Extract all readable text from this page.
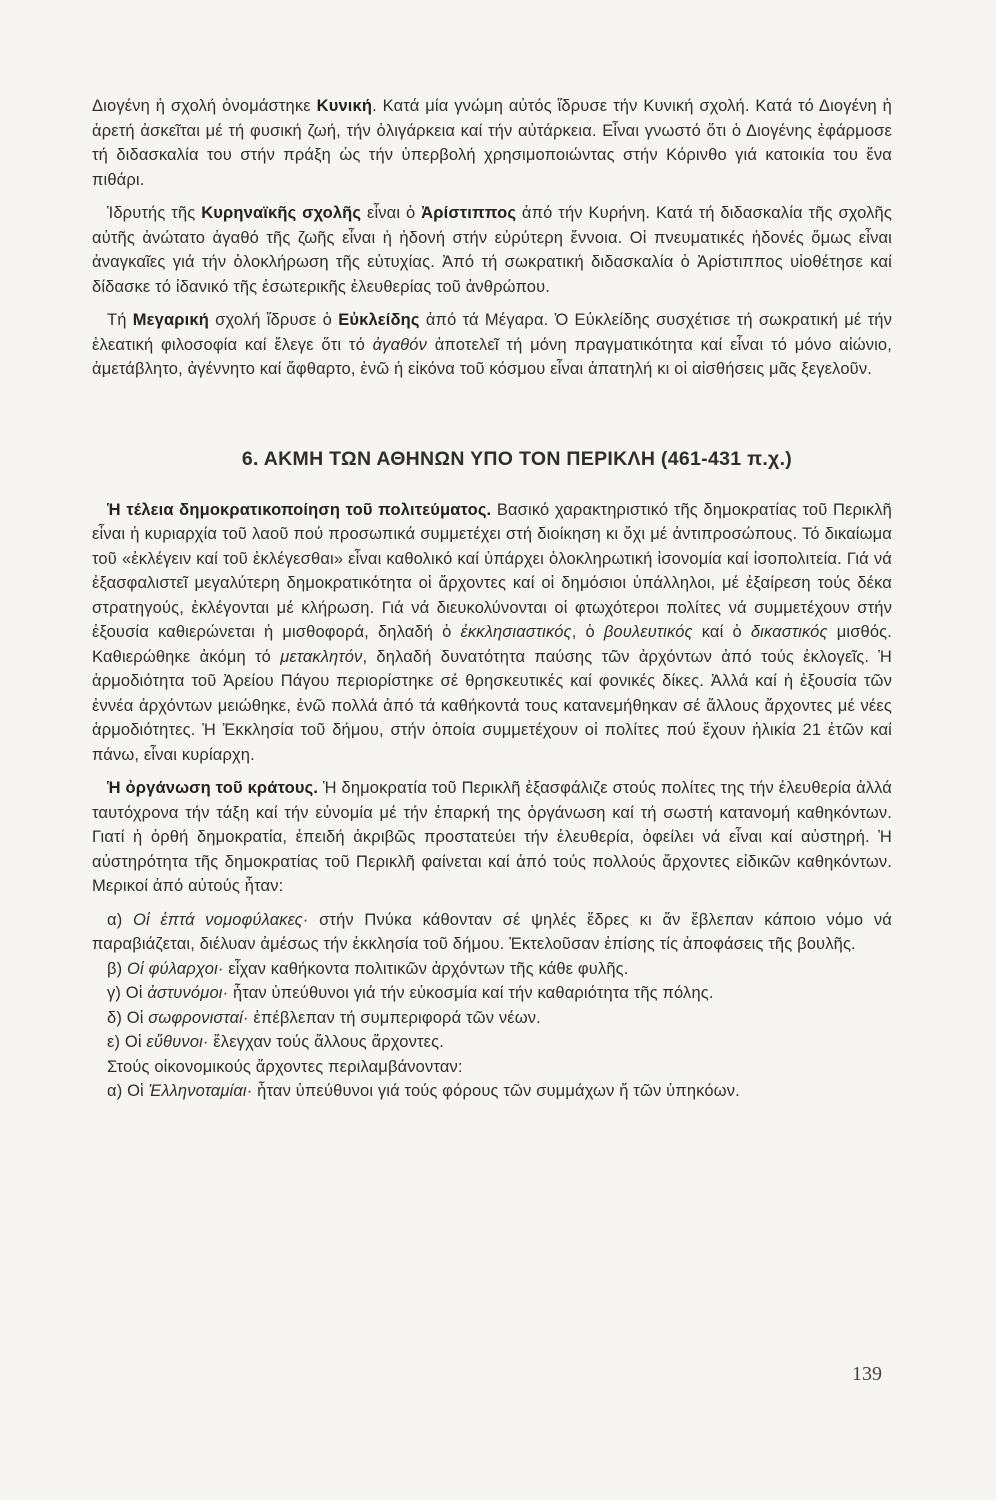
Διογένη ἡ σχολή ὀνομάστηκε Κυνική. Κατά μία γνώμη αὐτός ἵδρυσε τήν Κυνική σχολή. Κατά τό Διογένη ἡ ἀρετή ἀσκεῖται μέ τή φυσική ζωή, τήν ὀλιγάρκεια καί τήν αὐτάρκεια. Εἶναι γνωστό ὅτι ὁ Διογένης ἐφάρμοσε τή διδασκαλία του στήν πράξη ὡς τήν ὑπερβολή χρησιμοποιώντας στήν Κόρινθο γιά κατοικία του ἕνα πιθάρι.

Ἱδρυτής τῆς Κυρηναϊκῆς σχολῆς εἶναι ὁ Ἀρίστιππος ἀπό τήν Κυρήνη. Κατά τή διδασκαλία τῆς σχολῆς αὐτῆς ἀνώτατο ἀγαθό τῆς ζωῆς εἶναι ἡ ἡδονή στήν εὐρύτερη ἔννοια. Οἱ πνευματικές ἡδονές ὅμως εἶναι ἀναγκαῖες γιά τήν ὁλοκλήρωση τῆς εὐτυχίας. Ἀπό τή σωκρατική διδασκαλία ὁ Ἀρίστιππος υἱοθέτησε καί δίδασκε τό ἰδανικό τῆς ἐσωτερικῆς ἐλευθερίας τοῦ ἀνθρώπου.

Τή Μεγαρική σχολή ἵδρυσε ὁ Εὐκλείδης ἀπό τά Μέγαρα. Ὁ Εὐκλείδης συσχέτισε τή σωκρατική μέ τήν ἐλεατική φιλοσοφία καί ἔλεγε ὅτι τό ἀγαθόν ἀποτελεῖ τή μόνη πραγματικότητα καί εἶναι τό μόνο αἰώνιο, ἀμετάβλητο, ἀγέννητο καί ἄφθαρτο, ἐνῶ ἡ εἰκόνα τοῦ κόσμου εἶναι ἀπατηλή κι οἱ αἰσθήσεις μᾶς ξεγελοῦν.

6. ΑΚΜΗ ΤΩΝ ΑΘΗΝΩΝ ΥΠΟ ΤΟΝ ΠΕΡΙΚΛΗ (461-431 π.χ.)

Ἡ τέλεια δημοκρατικοποίηση τοῦ πολιτεύματος. Βασικό χαρακτηριστικό τῆς δημοκρατίας τοῦ Περικλῆ εἶναι ἡ κυριαρχία τοῦ λαοῦ πού προσωπικά συμμετέχει στή διοίκηση κι ὄχι μέ ἀντιπροσώπους. Τό δικαίωμα τοῦ «ἐκλέγειν καί τοῦ ἐκλέγεσθαι» εἶναι καθολικό καί ὑπάρχει ὁλοκληρωτική ἰσονομία καί ἰσοπολιτεία. Γιά νά ἐξασφαλιστεῖ μεγαλύτερη δημοκρατικότητα οἱ ἄρχοντες καί οἱ δημόσιοι ὑπάλληλοι, μέ ἐξαίρεση τούς δέκα στρατηγούς, ἐκλέγονται μέ κλήρωση. Γιά νά διευκολύνονται οἱ φτωχότεροι πολίτες νά συμμετέχουν στήν ἐξουσία καθιερώνεται ἡ μισθοφορά, δηλαδή ὁ ἐκκλησιαστικός, ὁ βουλευτικός καί ὁ δικαστικός μισθός. Καθιερώθηκε ἀκόμη τό μετακλητόν, δηλαδή δυνατότητα παύσης τῶν ἀρχόντων ἀπό τούς ἐκλογεῖς. Ἡ ἁρμοδιότητα τοῦ Ἀρείου Πάγου περιορίστηκε σέ θρησκευτικές καί φονικές δίκες. Ἀλλά καί ἡ ἐξουσία τῶν ἐννέα ἀρχόντων μειώθηκε, ἐνῶ πολλά ἀπό τά καθήκοντά τους κατανεμήθηκαν σέ ἄλλους ἄρχοντες μέ νέες ἁρμοδιότητες. Ἡ Ἐκκλησία τοῦ δήμου, στήν ὁποία συμμετέχουν οἱ πολίτες πού ἔχουν ἡλικία 21 ἐτῶν καί πάνω, εἶναι κυρίαρχη.

Ἡ ὀργάνωση τοῦ κράτους. Ἡ δημοκρατία τοῦ Περικλῆ ἐξασφάλιζε στούς πολίτες της τήν ἐλευθερία ἀλλά ταυτόχρονα τήν τάξη καί τήν εὐνομία μέ τήν ἐπαρκή της ὀργάνωση καί τή σωστή κατανομή καθηκόντων. Γιατί ἡ ὀρθή δημοκρατία, ἐπειδή ἀκριβῶς προστατεύει τήν ἐλευθερία, ὀφείλει νά εἶναι καί αὐστηρή. Ἡ αὐστηρότητα τῆς δημοκρατίας τοῦ Περικλῆ φαίνεται καί ἀπό τούς πολλούς ἄρχοντες εἰδικῶν καθηκόντων. Μερικοί ἀπό αὐτούς ἦταν:

α) Οἱ ἑπτά νομοφύλακες· στήν Πνύκα κάθονταν σέ ψηλές ἕδρες κι ἄν ἔβλεπαν κάποιο νόμο νά παραβιάζεται, διέλυαν ἀμέσως τήν ἐκκλησία τοῦ δήμου. Ἐκτελοῦσαν ἐπίσης τίς ἀποφάσεις τῆς βουλῆς.

β) Οἱ φύλαρχοι· εἶχαν καθήκοντα πολιτικῶν ἀρχόντων τῆς κάθε φυλῆς.

γ) Οἱ ἀστυνόμοι· ἦταν ὑπεύθυνοι γιά τήν εὐκοσμία καί τήν καθαριότητα τῆς πόλης.

δ) Οἱ σωφρονισταί· ἐπέβλεπαν τή συμπεριφορά τῶν νέων.

ε) Οἱ εὔθυνοι· ἔλεγχαν τούς ἄλλους ἄρχοντες.

Στούς οἰκονομικούς ἄρχοντες περιλαμβάνονταν:

α) Οἱ Ἑλληνοταμίαι· ἦταν ὑπεύθυνοι γιά τούς φόρους τῶν συμμάχων ἤ τῶν ὑπηκόων.

139
